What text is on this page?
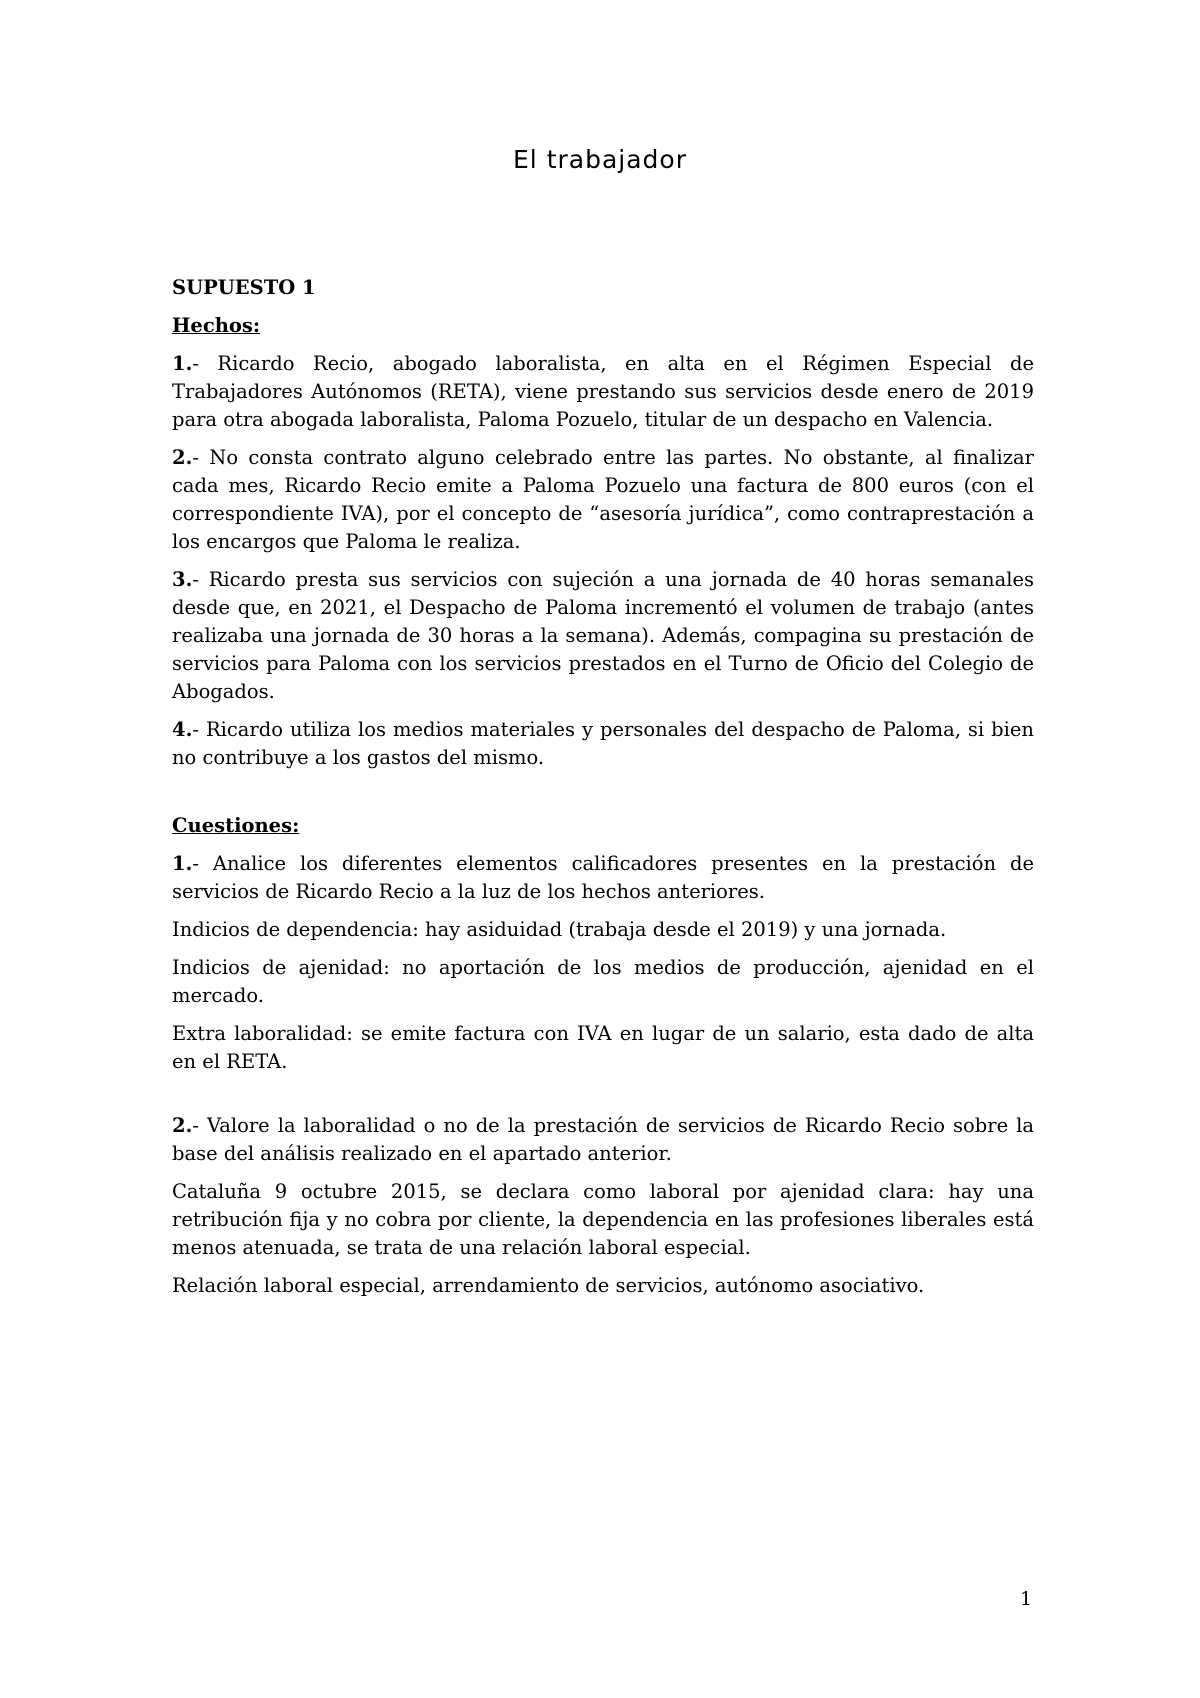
El trabajador

SUPUESTO 1

Hechos:

1.- Ricardo Recio, abogado laboralista, en alta en el Régimen Especial de Trabajadores Autónomos (RETA), viene prestando sus servicios desde enero de 2019 para otra abogada laboralista, Paloma Pozuelo, titular de un despacho en Valencia.

2.- No consta contrato alguno celebrado entre las partes. No obstante, al finalizar cada mes, Ricardo Recio emite a Paloma Pozuelo una factura de 800 euros (con el correspondiente IVA), por el concepto de “asesoría jurídica”, como contraprestación a los encargos que Paloma le realiza.

3.- Ricardo presta sus servicios con sujeción a una jornada de 40 horas semanales desde que, en 2021, el Despacho de Paloma incrementó el volumen de trabajo (antes realizaba una jornada de 30 horas a la semana). Además, compagina su prestación de servicios para Paloma con los servicios prestados en el Turno de Oficio del Colegio de Abogados.

4.- Ricardo utiliza los medios materiales y personales del despacho de Paloma, si bien no contribuye a los gastos del mismo.

Cuestiones:

1.- Analice los diferentes elementos calificadores presentes en la prestación de servicios de Ricardo Recio a la luz de los hechos anteriores.

Indicios de dependencia: hay asiduidad (trabaja desde el 2019) y una jornada.

Indicios de ajenidad: no aportación de los medios de producción, ajenidad en el mercado.

Extra laboralidad: se emite factura con IVA en lugar de un salario, esta dado de alta en el RETA.

2.- Valore la laboralidad o no de la prestación de servicios de Ricardo Recio sobre la base del análisis realizado en el apartado anterior.

Cataluña 9 octubre 2015, se declara como laboral por ajenidad clara: hay una retribución fija y no cobra por cliente, la dependencia en las profesiones liberales está menos atenuada, se trata de una relación laboral especial.

Relación laboral especial, arrendamiento de servicios, autónomo asociativo.

1
